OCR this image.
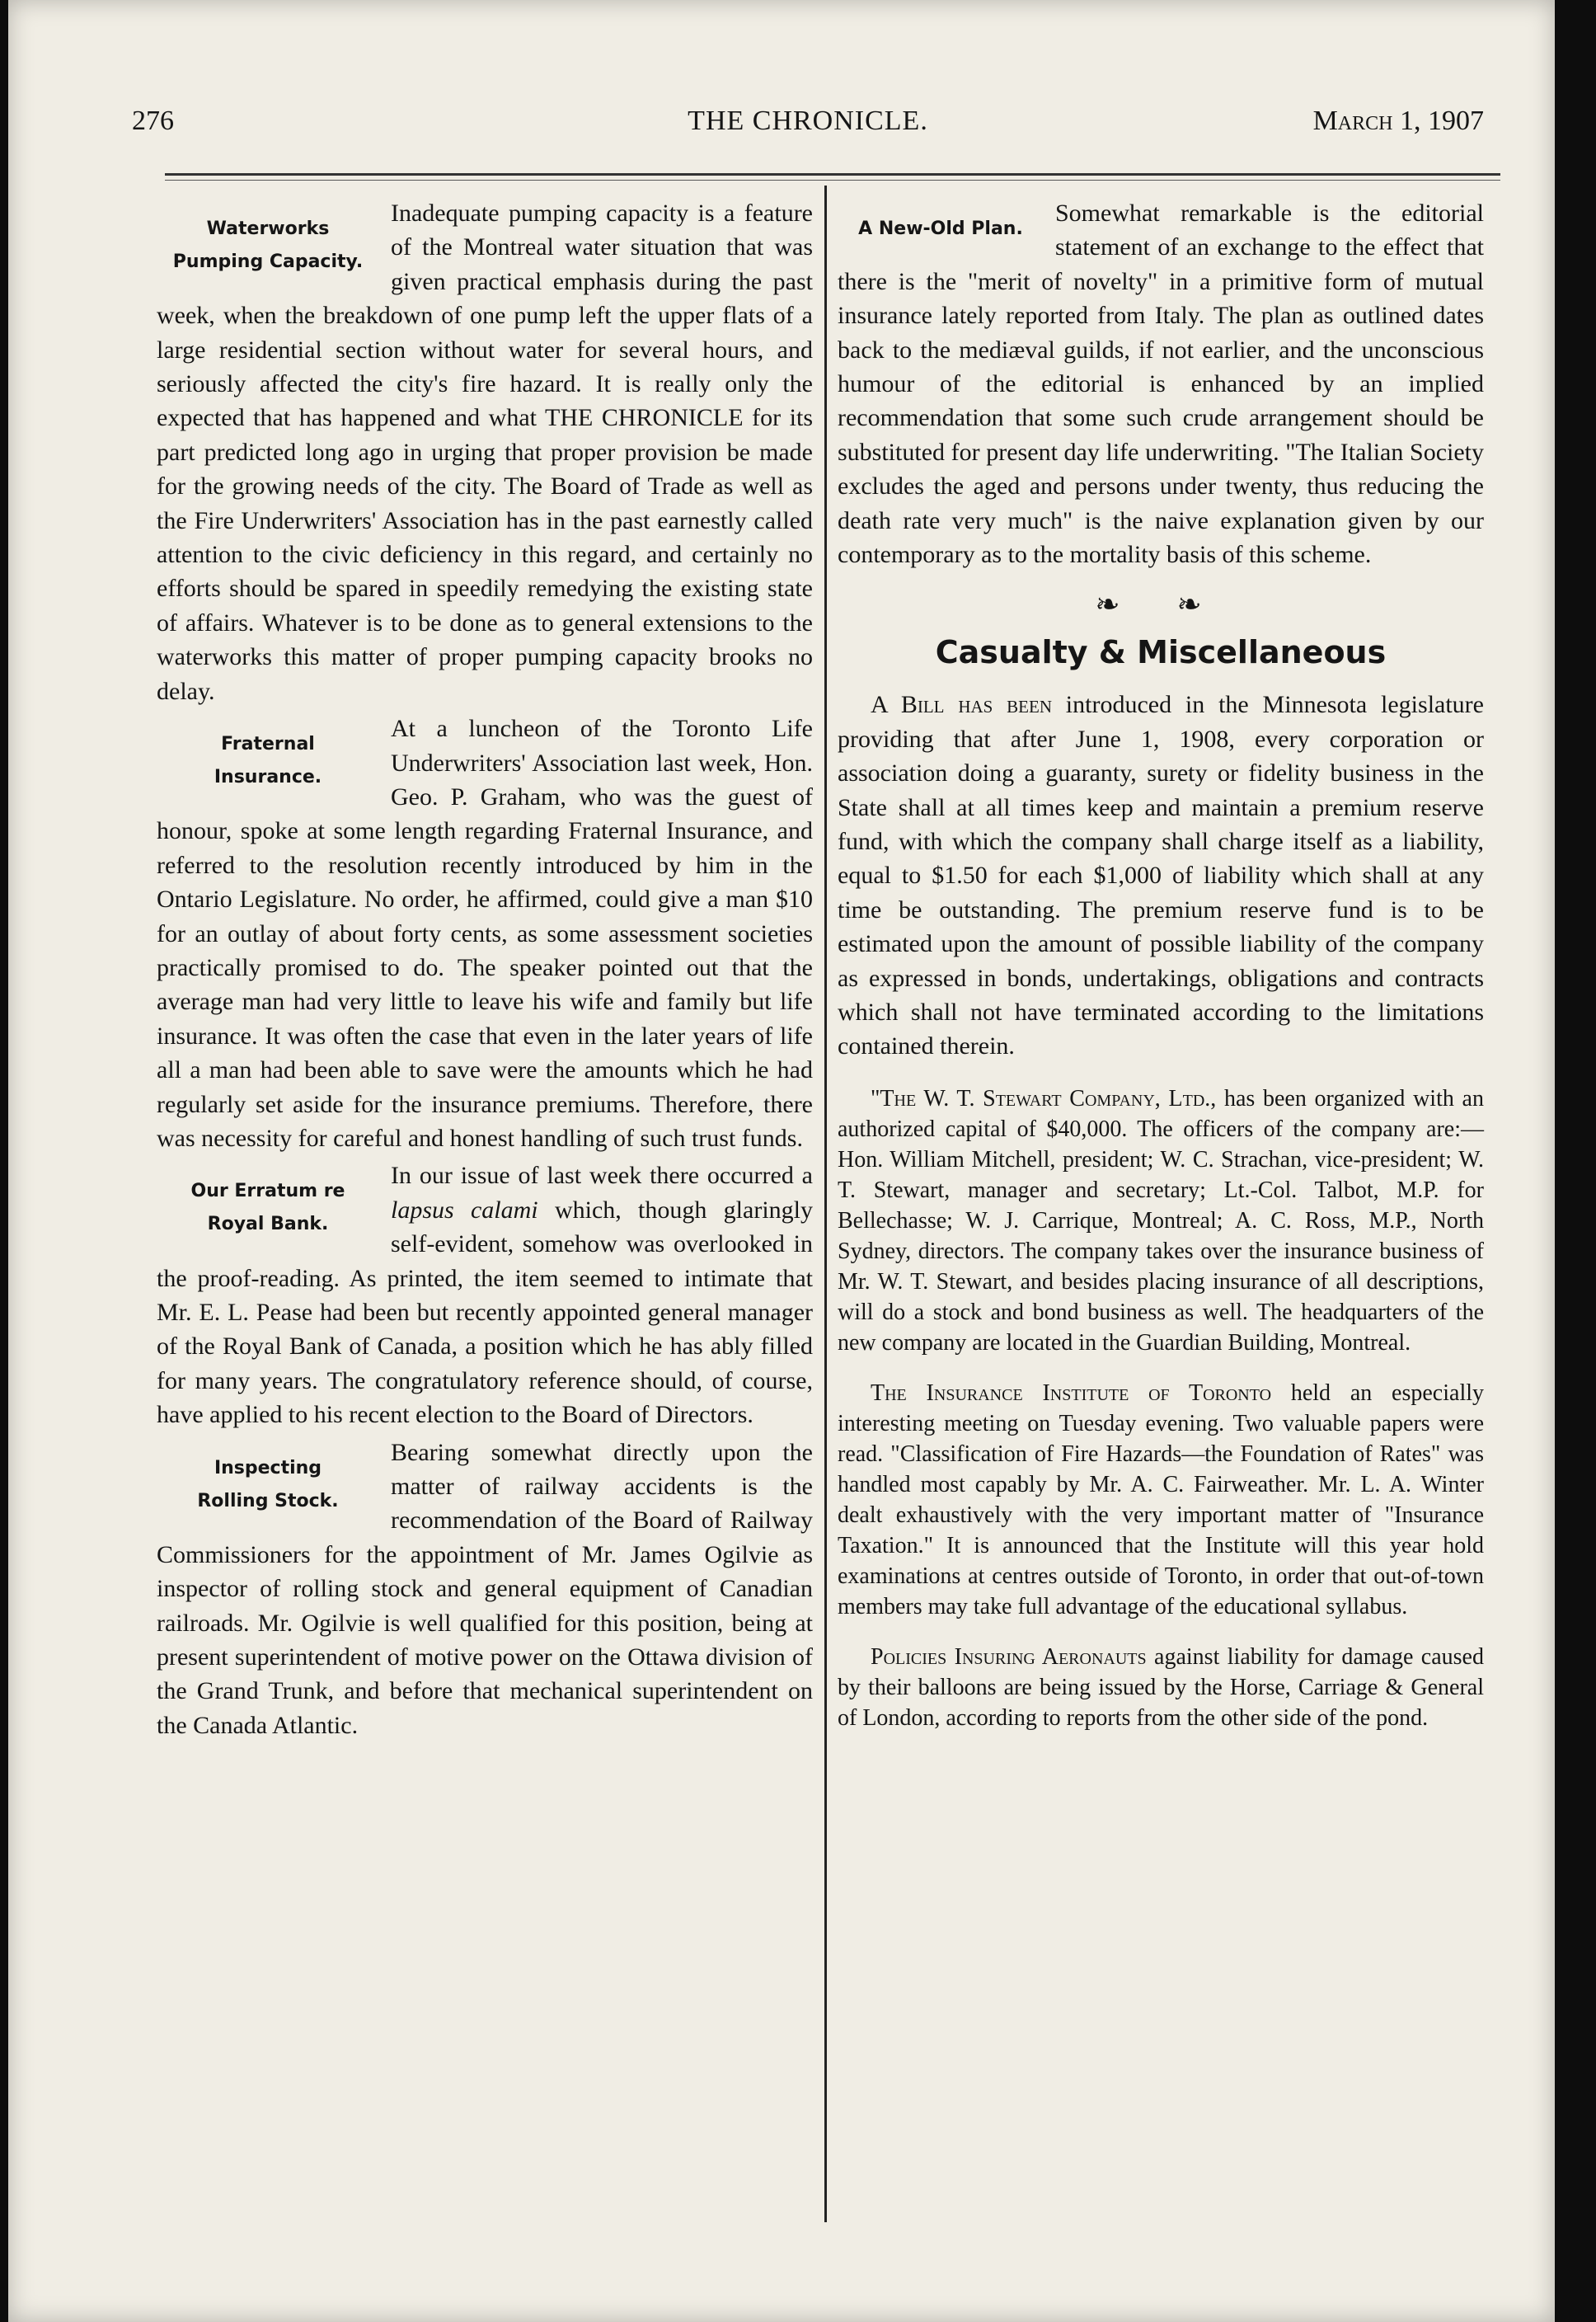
276	THE CHRONICLE.	March 1, 1907
Waterworks
Pumping Capacity.

Inadequate pumping capacity is a feature of the Montreal water situation that was given practical emphasis during the past week, when the breakdown of one pump left the upper flats of a large residential section without water for several hours, and seriously affected the city's fire hazard. It is really only the expected that has happened and what THE CHRONICLE for its part predicted long ago in urging that proper provision be made for the growing needs of the city. The Board of Trade as well as the Fire Underwriters' Association has in the past earnestly called attention to the civic deficiency in this regard, and certainly no efforts should be spared in speedily remedying the existing state of affairs. Whatever is to be done as to general extensions to the waterworks this matter of proper pumping capacity brooks no delay.

Fraternal
Insurance.

At a luncheon of the Toronto Life Underwriters' Association last week, Hon. Geo. P. Graham, who was the guest of honour, spoke at some length regarding Fraternal Insurance, and referred to the resolution recently introduced by him in the Ontario Legislature. No order, he affirmed, could give a man $10 for an outlay of about forty cents, as some assessment societies practically promised to do. The speaker pointed out that the average man had very little to leave his wife and family but life insurance. It was often the case that even in the later years of life all a man had been able to save were the amounts which he had regularly set aside for the insurance premiums. Therefore, there was necessity for careful and honest handling of such trust funds.

Our Erratum re
Royal Bank.

In our issue of last week there occurred a lapsus calami which, though glaringly self-evident, somehow was overlooked in the proof-reading. As printed, the item seemed to intimate that Mr. E. L. Pease had been but recently appointed general manager of the Royal Bank of Canada, a position which he has ably filled for many years. The congratulatory reference should, of course, have applied to his recent election to the Board of Directors.

Inspecting
Rolling Stock.

Bearing somewhat directly upon the matter of railway accidents is the recommendation of the Board of Railway Commissioners for the appointment of Mr. James Ogilvie as inspector of rolling stock and general equipment of Canadian railroads. Mr. Ogilvie is well qualified for this position, being at present superintendent of motive power on the Ottawa division of the Grand Trunk, and before that mechanical superintendent on the Canada Atlantic.

A New-Old Plan.

Somewhat remarkable is the editorial statement of an exchange to the effect that there is the "merit of novelty" in a primitive form of mutual insurance lately reported from Italy. The plan as outlined dates back to the mediæval guilds, if not earlier, and the unconscious humour of the editorial is enhanced by an implied recommendation that some such crude arrangement should be substituted for present day life underwriting. "The Italian Society excludes the aged and persons under twenty, thus reducing the death rate very much" is the naive explanation given by our contemporary as to the mortality basis of this scheme.

❧ ❧
Casualty & Miscellaneous

A Bill has been introduced in the Minnesota legislature providing that after June 1, 1908, every corporation or association doing a guaranty, surety or fidelity business in the State shall at all times keep and maintain a premium reserve fund, with which the company shall charge itself as a liability, equal to $1.50 for each $1,000 of liability which shall at any time be outstanding. The premium reserve fund is to be estimated upon the amount of possible liability of the company as expressed in bonds, undertakings, obligations and contracts which shall not have terminated according to the limitations contained therein.

"The W. T. Stewart Company, Ltd., has been organized with an authorized capital of $40,000. The officers of the company are:—Hon. William Mitchell, president; W. C. Strachan, vice-president; W. T. Stewart, manager and secretary; Lt.-Col. Talbot, M.P. for Bellechasse; W. J. Carrique, Montreal; A. C. Ross, M.P., North Sydney, directors. The company takes over the insurance business of Mr. W. T. Stewart, and besides placing insurance of all descriptions, will do a stock and bond business as well. The headquarters of the new company are located in the Guardian Building, Montreal.

The Insurance Institute of Toronto held an especially interesting meeting on Tuesday evening. Two valuable papers were read. "Classification of Fire Hazards—the Foundation of Rates" was handled most capably by Mr. A. C. Fairweather. Mr. L. A. Winter dealt exhaustively with the very important matter of "Insurance Taxation." It is announced that the Institute will this year hold examinations at centres outside of Toronto, in order that out-of-town members may take full advantage of the educational syllabus.

Policies Insuring Aeronauts against liability for damage caused by their balloons are being issued by the Horse, Carriage & General of London, according to reports from the other side of the pond.
